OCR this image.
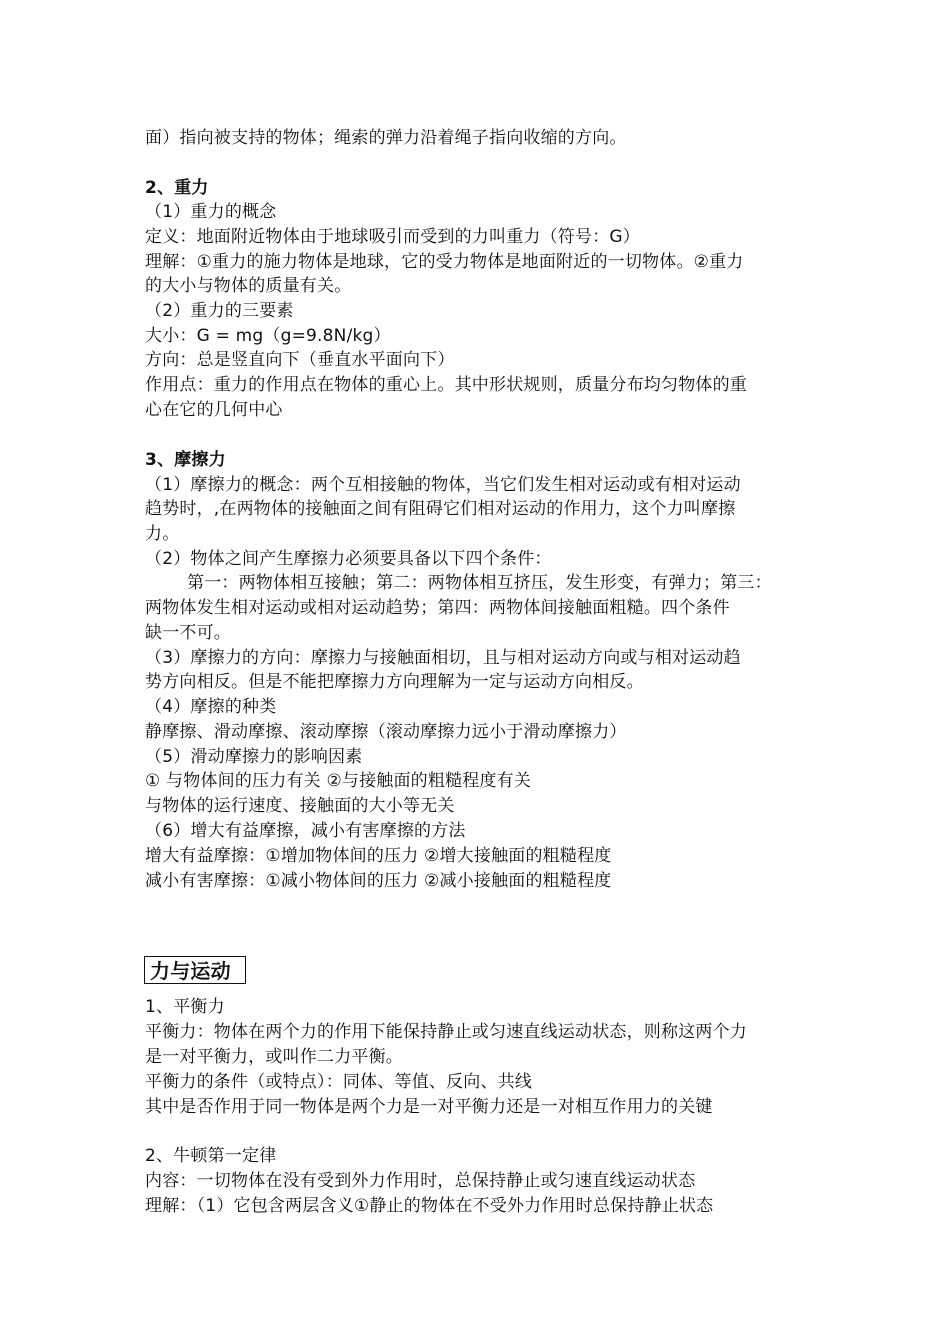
面）指向被支持的物体；绳索的弹力沿着绳子指向收缩的方向。
2、重力
（1）重力的概念
定义：地面附近物体由于地球吸引而受到的力叫重力（符号：G）
理解：①重力的施力物体是地球，它的受力物体是地面附近的一切物体。②重力
的大小与物体的质量有关。
（2）重力的三要素
大小：G = mg（g=9.8N/kg）
方向：总是竖直向下（垂直水平面向下）
作用点：重力的作用点在物体的重心上。其中形状规则，质量分布均匀物体的重
心在它的几何中心
3、摩擦力
（1）摩擦力的概念：两个互相接触的物体，当它们发生相对运动或有相对运动
趋势时，,在两物体的接触面之间有阻碍它们相对运动的作用力，这个力叫摩擦
力。
（2）物体之间产生摩擦力必须要具备以下四个条件：
第一：两物体相互接触；第二：两物体相互挤压，发生形变，有弹力；第三：
两物体发生相对运动或相对运动趋势；第四：两物体间接触面粗糙。四个条件
缺一不可。
（3）摩擦力的方向：摩擦力与接触面相切，且与相对运动方向或与相对运动趋
势方向相反。但是不能把摩擦力方向理解为一定与运动方向相反。
（4）摩擦的种类
静摩擦、滑动摩擦、滚动摩擦（滚动摩擦力远小于滑动摩擦力）
（5）滑动摩擦力的影响因素
① 与物体间的压力有关 ②与接触面的粗糙程度有关
与物体的运行速度、接触面的大小等无关
（6）增大有益摩擦，减小有害摩擦的方法
增大有益摩擦：①增加物体间的压力 ②增大接触面的粗糙程度
减小有害摩擦：①减小物体间的压力 ②减小接触面的粗糙程度
力与运动
1、平衡力
平衡力：物体在两个力的作用下能保持静止或匀速直线运动状态，则称这两个力
是一对平衡力，或叫作二力平衡。
平衡力的条件（或特点）：同体、等值、反向、共线
其中是否作用于同一物体是两个力是一对平衡力还是一对相互作用力的关键
2、牛顿第一定律
内容：一切物体在没有受到外力作用时，总保持静止或匀速直线运动状态
理解：（1）它包含两层含义①静止的物体在不受外力作用时总保持静止状态
